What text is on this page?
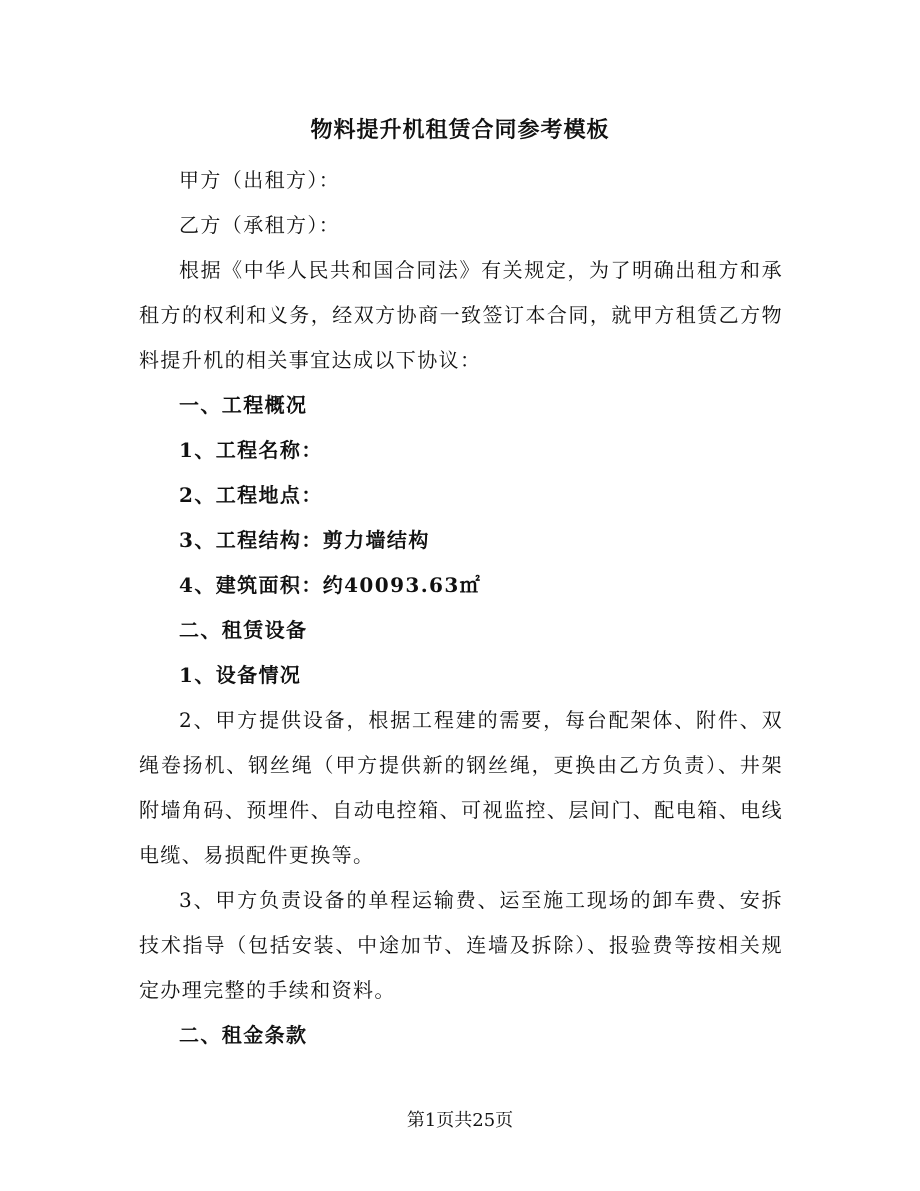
物料提升机租赁合同参考模板

甲方（出租方）：

乙方（承租方）：

根据《中华人民共和国合同法》有关规定，为了明确出租方和承租方的权利和义务，经双方协商一致签订本合同，就甲方租赁乙方物料提升机的相关事宜达成以下协议：

一、工程概况

1、工程名称：

2、工程地点：

3、工程结构：剪力墙结构

4、建筑面积：约40093.63㎡

二、租赁设备

1、设备情况

2、甲方提供设备，根据工程建的需要，每台配架体、附件、双绳卷扬机、钢丝绳（甲方提供新的钢丝绳，更换由乙方负责）、井架附墙角码、预埋件、自动电控箱、可视监控、层间门、配电箱、电线电缆、易损配件更换等。

3、甲方负责设备的单程运输费、运至施工现场的卸车费、安拆技术指导（包括安装、中途加节、连墙及拆除）、报验费等按相关规定办理完整的手续和资料。

二、租金条款

第1页共25页
